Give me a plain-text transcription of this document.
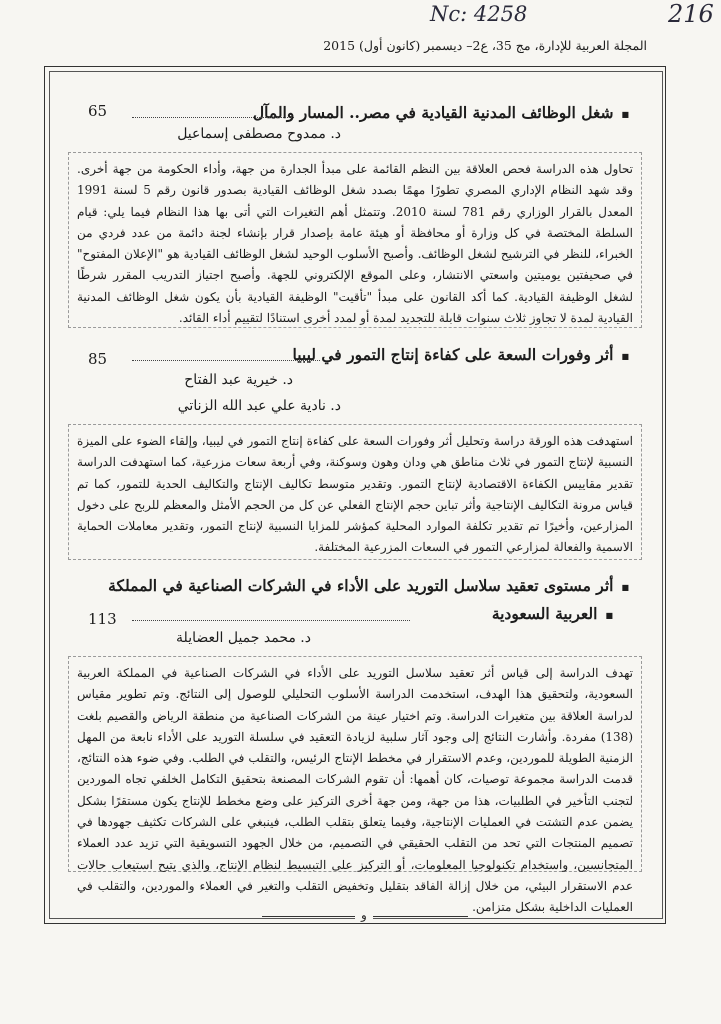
Nc: 4258	216
المجلة العربية للإدارة، مج 35، ع2– ديسمبر (كانون أول) 2015
■ شغل الوظائف المدنية القيادية في مصر.. المسار والمآل
65
د. ممدوح مصطفى إسماعيل
تحاول هذه الدراسة فحص العلاقة بين النظم القائمة على مبدأ الجدارة من جهة، وأداء الحكومة من جهة أخرى. وقد شهد النظام الإداري المصري تطورًا مهمًا بصدد شغل الوظائف القيادية بصدور قانون رقم 5 لسنة 1991 المعدل بالقرار الوزاري رقم 781 لسنة 2010. وتتمثل أهم التغيرات التي أتى بها هذا النظام فيما يلي: قيام السلطة المختصة في كل وزارة أو محافظة أو هيئة عامة بإصدار قرار بإنشاء لجنة دائمة من عدد فردي من الخبراء، للنظر في الترشيح لشغل الوظائف. وأصبح الأسلوب الوحيد لشغل الوظائف القيادية هو "الإعلان المفتوح" في صحيفتين يوميتين واسعتي الانتشار، وعلى الموقع الإلكتروني للجهة. وأصبح اجتياز التدريب المقرر شرطًا لشغل الوظيفة القيادية. كما أكد القانون على مبدأ "تأقيت" الوظيفة القيادية بأن يكون شغل الوظائف المدنية القيادية لمدة لا تجاوز ثلاث سنوات قابلة للتجديد لمدة أو لمدد أخرى استنادًا لتقييم أداء القائد.
■ أثر وفورات السعة على كفاءة إنتاج التمور في ليبيا
85
د. خيرية عبد الفتاح
د. نادية علي عبد الله الزناتي
استهدفت هذه الورقة دراسة وتحليل أثر وفورات السعة على كفاءة إنتاج التمور في ليبيا، وإلقاء الضوء على الميزة النسبية لإنتاج التمور في ثلاث مناطق هي ودان وهون وسوكنة، وفي أربعة سعات مزرعية، كما استهدفت الدراسة تقدير مقاييس الكفاءة الاقتصادية لإنتاج التمور. وتقدير متوسط تكاليف الإنتاج والتكاليف الحدية للتمور، كما تم قياس مرونة التكاليف الإنتاجية وأثر تباين حجم الإنتاج الفعلي عن كل من الحجم الأمثل والمعظم للربح على دخول المزارعين، وأخيرًا تم تقدير تكلفة الموارد المحلية كمؤشر للمزايا النسبية لإنتاج التمور، وتقدير معاملات الحماية الاسمية والفعالة لمزارعي التمور في السعات المزرعية المختلفة.
■ أثر مستوى تعقيد سلاسل التوريد على الأداء في الشركات الصناعية في المملكة
■ العربية السعودية
113
د. محمد جميل العضايلة
تهدف الدراسة إلى قياس أثر تعقيد سلاسل التوريد على الأداء في الشركات الصناعية في المملكة العربية السعودية، ولتحقيق هذا الهدف، استخدمت الدراسة الأسلوب التحليلي للوصول إلى النتائج. وتم تطوير مقياس لدراسة العلاقة بين متغيرات الدراسة. وتم اختيار عينة من الشركات الصناعية من منطقة الرياض والقصيم بلغت (138) مفردة. وأشارت النتائج إلى وجود آثار سلبية لزيادة التعقيد في سلسلة التوريد على الأداء نابعة من المهل الزمنية الطويلة للموردين، وعدم الاستقرار في مخطط الإنتاج الرئيس، والتقلب في الطلب. وفي ضوء هذه النتائج، قدمت الدراسة مجموعة توصيات، كان أهمها: أن تقوم الشركات المصنعة بتحقيق التكامل الخلفي تجاه الموردين لتجنب التأخير في الطلبيات، هذا من جهة، ومن جهة أخرى التركيز على وضع مخطط للإنتاج يكون مستقرًا بشكل يضمن عدم التشتت في العمليات الإنتاجية، وفيما يتعلق بتقلب الطلب، فينبغي على الشركات تكثيف جهودها في تصميم المنتجات التي تحد من التقلب الحقيقي في التصميم، من خلال الجهود التسويقية التي تزيد عدد العملاء المتجانسين، واستخدام تكنولوجيا المعلومات، أو التركيز على التبسيط لنظام الإنتاج، والذي يتيح استيعاب حالات عدم الاستقرار البيئي، من خلال إزالة الفاقد بتقليل وتخفيض التقلب والتغير في العملاء والموردين، والتقلب في العمليات الداخلية بشكل متزامن.
و
